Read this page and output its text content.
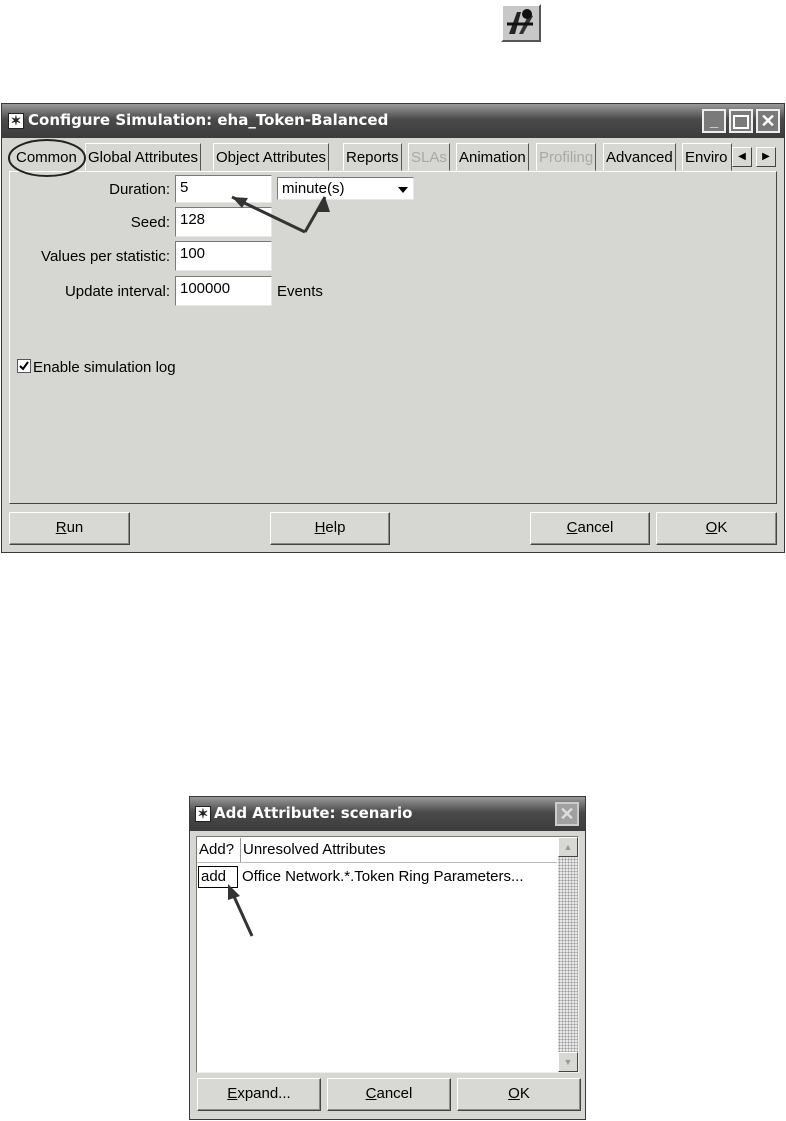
✶ Configure Simulation: eha_Token-Balanced	_	✕
Common Global Attributes Object Attributes Reports SLAs Animation Profiling Advanced Enviro	◀	▶
Duration: 5	minute(s)
Seed: 128
Values per statistic: 100
Update interval: 100000	Events
Enable simulation log
Run	Help	Cancel	OK
✶ Add Attribute: scenario	✕
Add? Unresolved Attributes
add	Office Network.*.Token Ring Parameters...
▲
▼
Expand...	Cancel	OK
